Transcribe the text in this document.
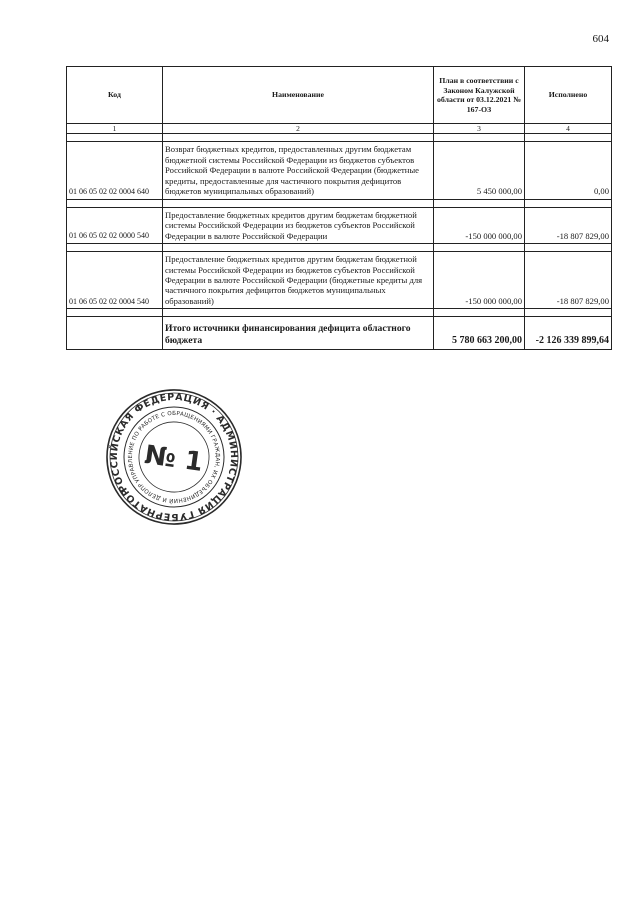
604
Код	Наименование	План в соответствии с Законом Калужской области от 03.12.2021 № 167-ОЗ	Исполнено
1	2	3	4

01 06 05 02 02 0004 640	Возврат бюджетных кредитов, предоставленных другим бюджетам бюджетной системы Российской Федерации из бюджетов субъектов Российской Федерации в валюте Российской Федерации (бюджетные кредиты, предоставленные для частичного покрытия дефицитов бюджетов муниципальных образований)	5 450 000,00	0,00

01 06 05 02 02 0000 540	Предоставление бюджетных кредитов другим бюджетам бюджетной системы Российской Федерации из бюджетов субъектов Российской Федерации в валюте Российской Федерации	-150 000 000,00	-18 807 829,00

01 06 05 02 02 0004 540	Предоставление бюджетных кредитов другим бюджетам бюджетной системы Российской Федерации из бюджетов субъектов Российской Федерации в валюте Российской Федерации (бюджетные кредиты для частичного покрытия дефицитов бюджетов муниципальных образований)	-150 000 000,00	-18 807 829,00

	Итого источники финансирования дефицита областного бюджета	5 780 663 200,00	-2 126 339 899,64
РОССИЙСКАЯ ФЕДЕРАЦИЯ · АДМИНИСТРАЦИЯ ГУБЕРНАТОРА
УПРАВЛЕНИЕ ПО РАБОТЕ С ОБРАЩЕНИЯМИ ГРАЖДАН, ИХ ОБЪЕДИНЕНИЙ И ДЕЛОПРОИЗВОДСТВА
№ 1
